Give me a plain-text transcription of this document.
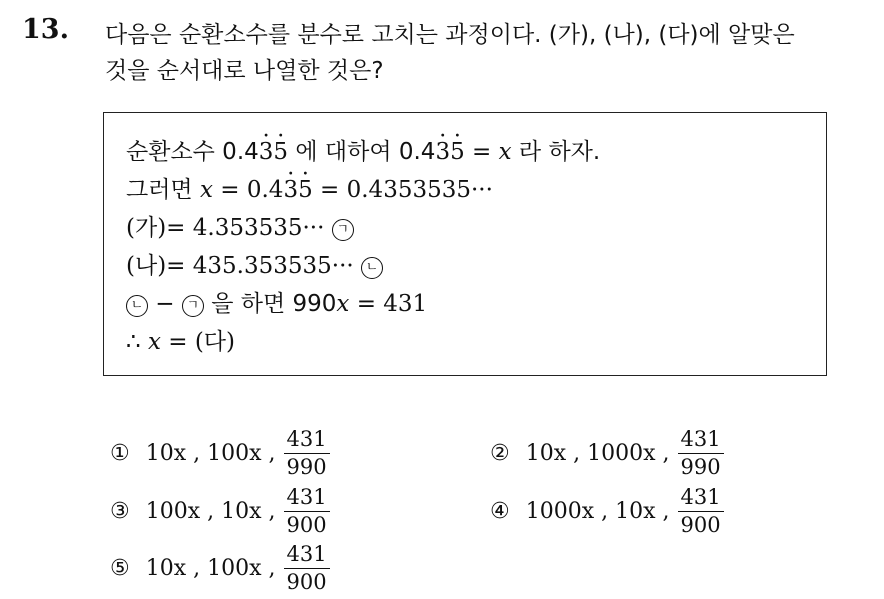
13. 다음은 순환소수를 분수로 고치는 과정이다. (가), (나), (다)에 알맞은
것을 순서대로 나열한 것은?
순환소수 0.43 ·5 · 에 대하여 0.43 ·5 · = x 라 하자.
그러면 x = 0.43 ·5 · = 0.4353535···
(가)= 4.353535··· ㄱ
(나)= 435.353535··· ㄴ
ㄴ − ㄱ 을 하면 990x = 431
∴ x = (다)
① 10x , 100x , $\frac{431}{990}$	② 10x , 1000x , $\frac{431}{990}$
③ 100x , 10x , $\frac{431}{900}$	④ 1000x , 10x , $\frac{431}{900}$
⑤ 10x , 100x , $\frac{431}{900}$
